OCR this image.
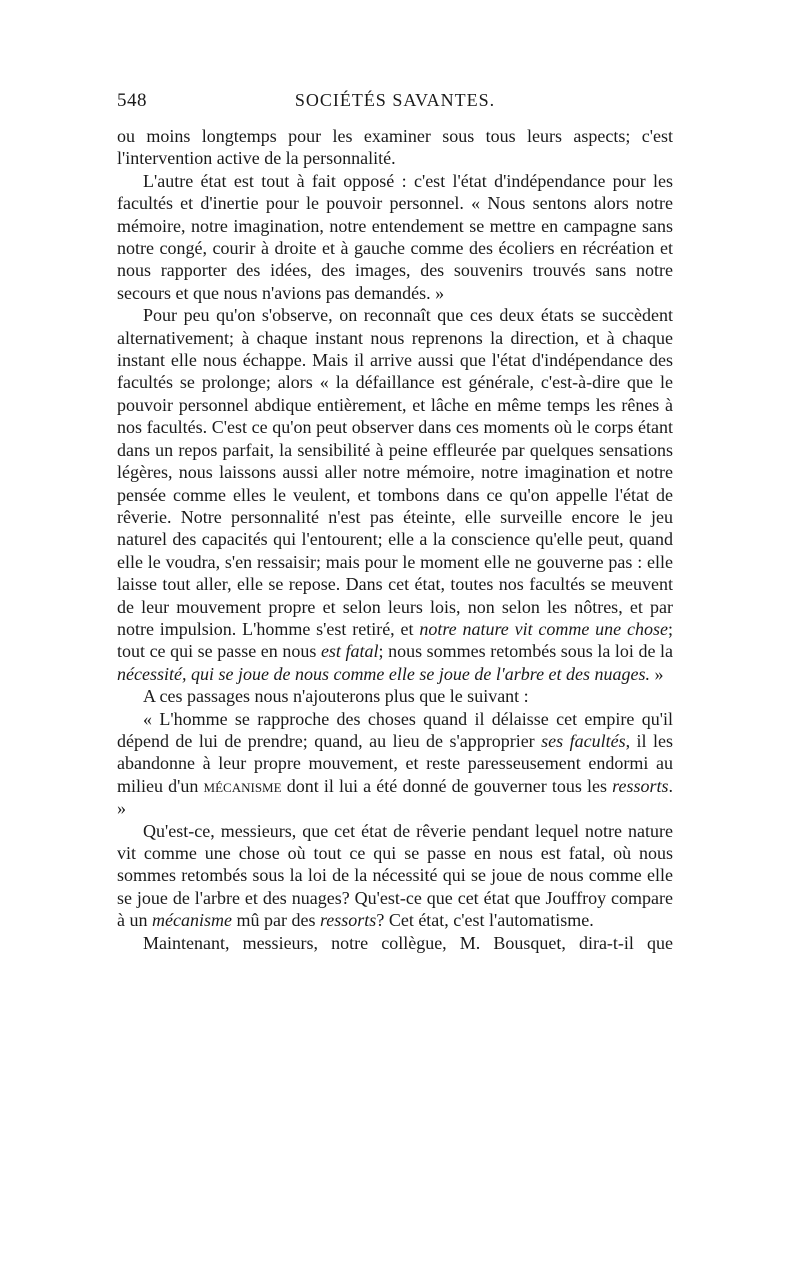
548	SOCIÉTÉS SAVANTES.

ou moins longtemps pour les examiner sous tous leurs aspects; c'est l'intervention active de la personnalité.

L'autre état est tout à fait opposé : c'est l'état d'indépendance pour les facultés et d'inertie pour le pouvoir personnel. « Nous sentons alors notre mémoire, notre imagination, notre entendement se mettre en campagne sans notre congé, courir à droite et à gauche comme des écoliers en récréation et nous rapporter des idées, des images, des souvenirs trouvés sans notre secours et que nous n'avions pas demandés. »

Pour peu qu'on s'observe, on reconnaît que ces deux états se succèdent alternativement; à chaque instant nous reprenons la direction, et à chaque instant elle nous échappe. Mais il arrive aussi que l'état d'indépendance des facultés se prolonge; alors « la défaillance est générale, c'est-à-dire que le pouvoir personnel abdique entièrement, et lâche en même temps les rênes à nos facultés. C'est ce qu'on peut observer dans ces moments où le corps étant dans un repos parfait, la sensibilité à peine effleurée par quelques sensations légères, nous laissons aussi aller notre mémoire, notre imagination et notre pensée comme elles le veulent, et tombons dans ce qu'on appelle l'état de rêverie. Notre personnalité n'est pas éteinte, elle surveille encore le jeu naturel des capacités qui l'entourent; elle a la conscience qu'elle peut, quand elle le voudra, s'en ressaisir; mais pour le moment elle ne gouverne pas : elle laisse tout aller, elle se repose. Dans cet état, toutes nos facultés se meuvent de leur mouvement propre et selon leurs lois, non selon les nôtres, et par notre impulsion. L'homme s'est retiré, et notre nature vit comme une chose; tout ce qui se passe en nous est fatal; nous sommes retombés sous la loi de la nécessité, qui se joue de nous comme elle se joue de l'arbre et des nuages. »

A ces passages nous n'ajouterons plus que le suivant :

« L'homme se rapproche des choses quand il délaisse cet empire qu'il dépend de lui de prendre; quand, au lieu de s'approprier ses facultés, il les abandonne à leur propre mouvement, et reste paresseusement endormi au milieu d'un mécanisme dont il lui a été donné de gouverner tous les ressorts. »

Qu'est-ce, messieurs, que cet état de rêverie pendant lequel notre nature vit comme une chose où tout ce qui se passe en nous est fatal, où nous sommes retombés sous la loi de la nécessité qui se joue de nous comme elle se joue de l'arbre et des nuages? Qu'est-ce que cet état que Jouffroy compare à un mécanisme mû par des ressorts? Cet état, c'est l'automatisme.

Maintenant, messieurs, notre collègue, M. Bousquet, dira-t-il que
